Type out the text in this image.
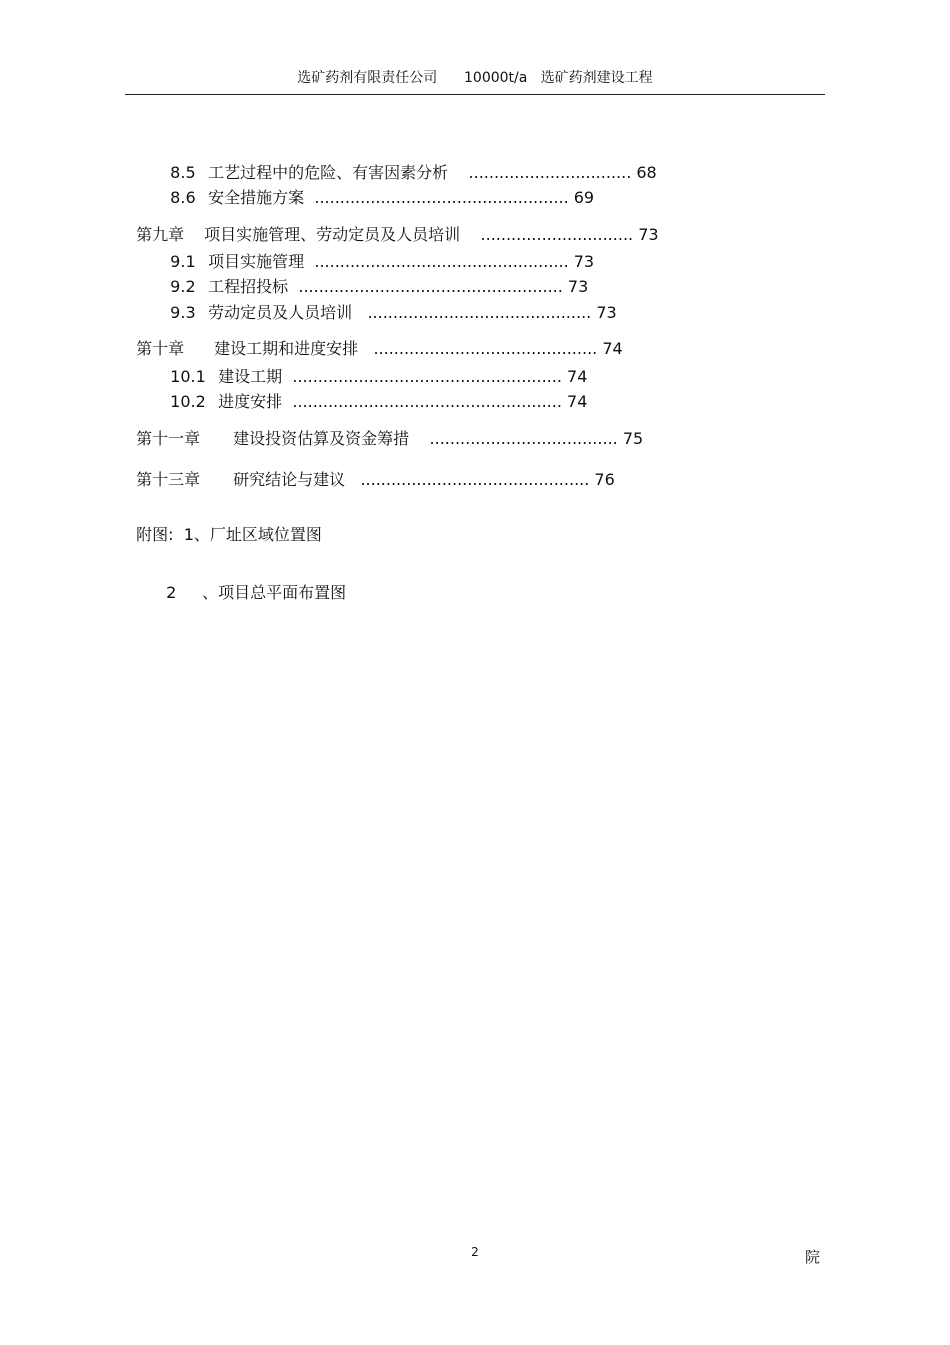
选矿药剂有限责任公司 10000t/a 选矿药剂建设工程

8.5 工艺过程中的危险、有害因素分析 ................................ 68

8.6 安全措施方案 .................................................. 69

第九章 项目实施管理、劳动定员及人员培训 .............................. 73

9.1 项目实施管理 .................................................. 73

9.2 工程招投标 .................................................... 73

9.3 劳动定员及人员培训 ............................................ 73

第十章 建设工期和进度安排 ............................................ 74

10.1 建设工期 ..................................................... 74

10.2 进度安排 ..................................................... 74

第十一章 建设投资估算及资金筹措 ..................................... 75

第十三章 研究结论与建议 ............................................. 76

附图: 1、厂址区域位置图

2 、项目总平面布置图

2	院
